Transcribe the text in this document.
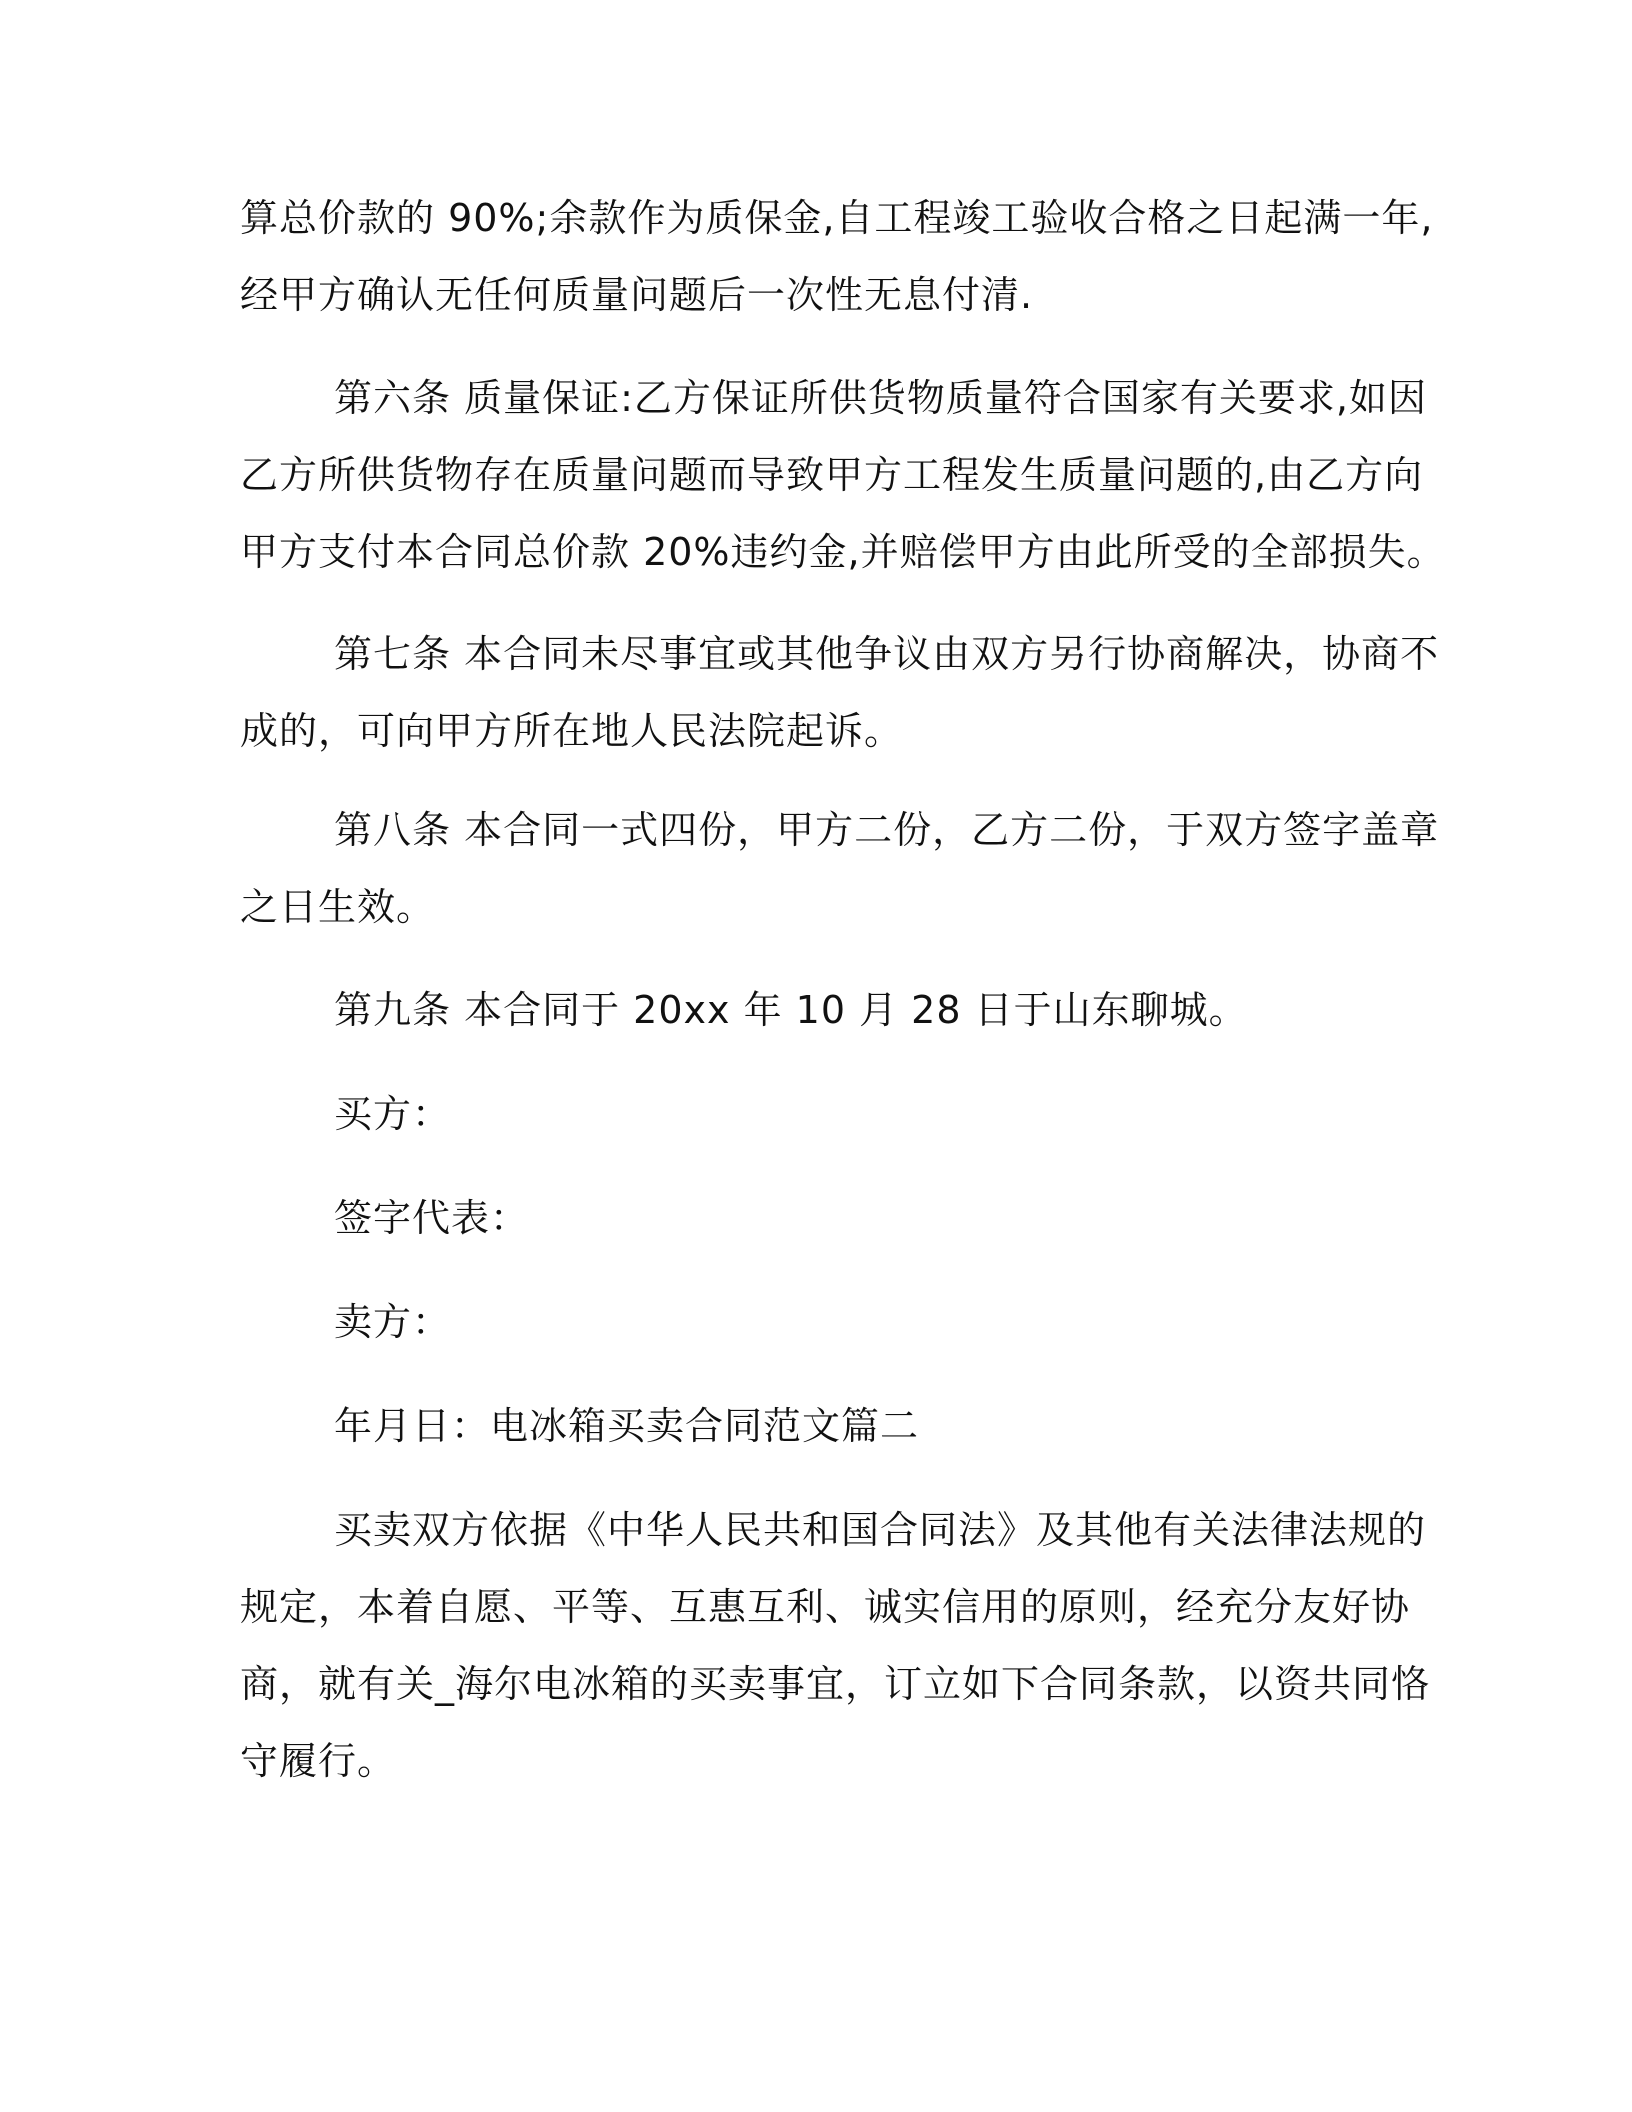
算总价款的 90%;余款作为质保金,自工程竣工验收合格之日起满一年,
经甲方确认无任何质量问题后一次性无息付清.
第六条 质量保证:乙方保证所供货物质量符合国家有关要求,如因
乙方所供货物存在质量问题而导致甲方工程发生质量问题的,由乙方向
甲方支付本合同总价款 20%违约金,并赔偿甲方由此所受的全部损失。
第七条 本合同未尽事宜或其他争议由双方另行协商解决，协商不
成的，可向甲方所在地人民法院起诉。
第八条 本合同一式四份，甲方二份，乙方二份，于双方签字盖章
之日生效。
第九条 本合同于 20xx 年 10 月 28 日于山东聊城。
买方：
签字代表：
卖方：
年月日：电冰箱买卖合同范文篇二
买卖双方依据《中华人民共和国合同法》及其他有关法律法规的
规定，本着自愿、平等、互惠互利、诚实信用的原则，经充分友好协
商，就有关_海尔电冰箱的买卖事宜，订立如下合同条款，以资共同恪
守履行。
